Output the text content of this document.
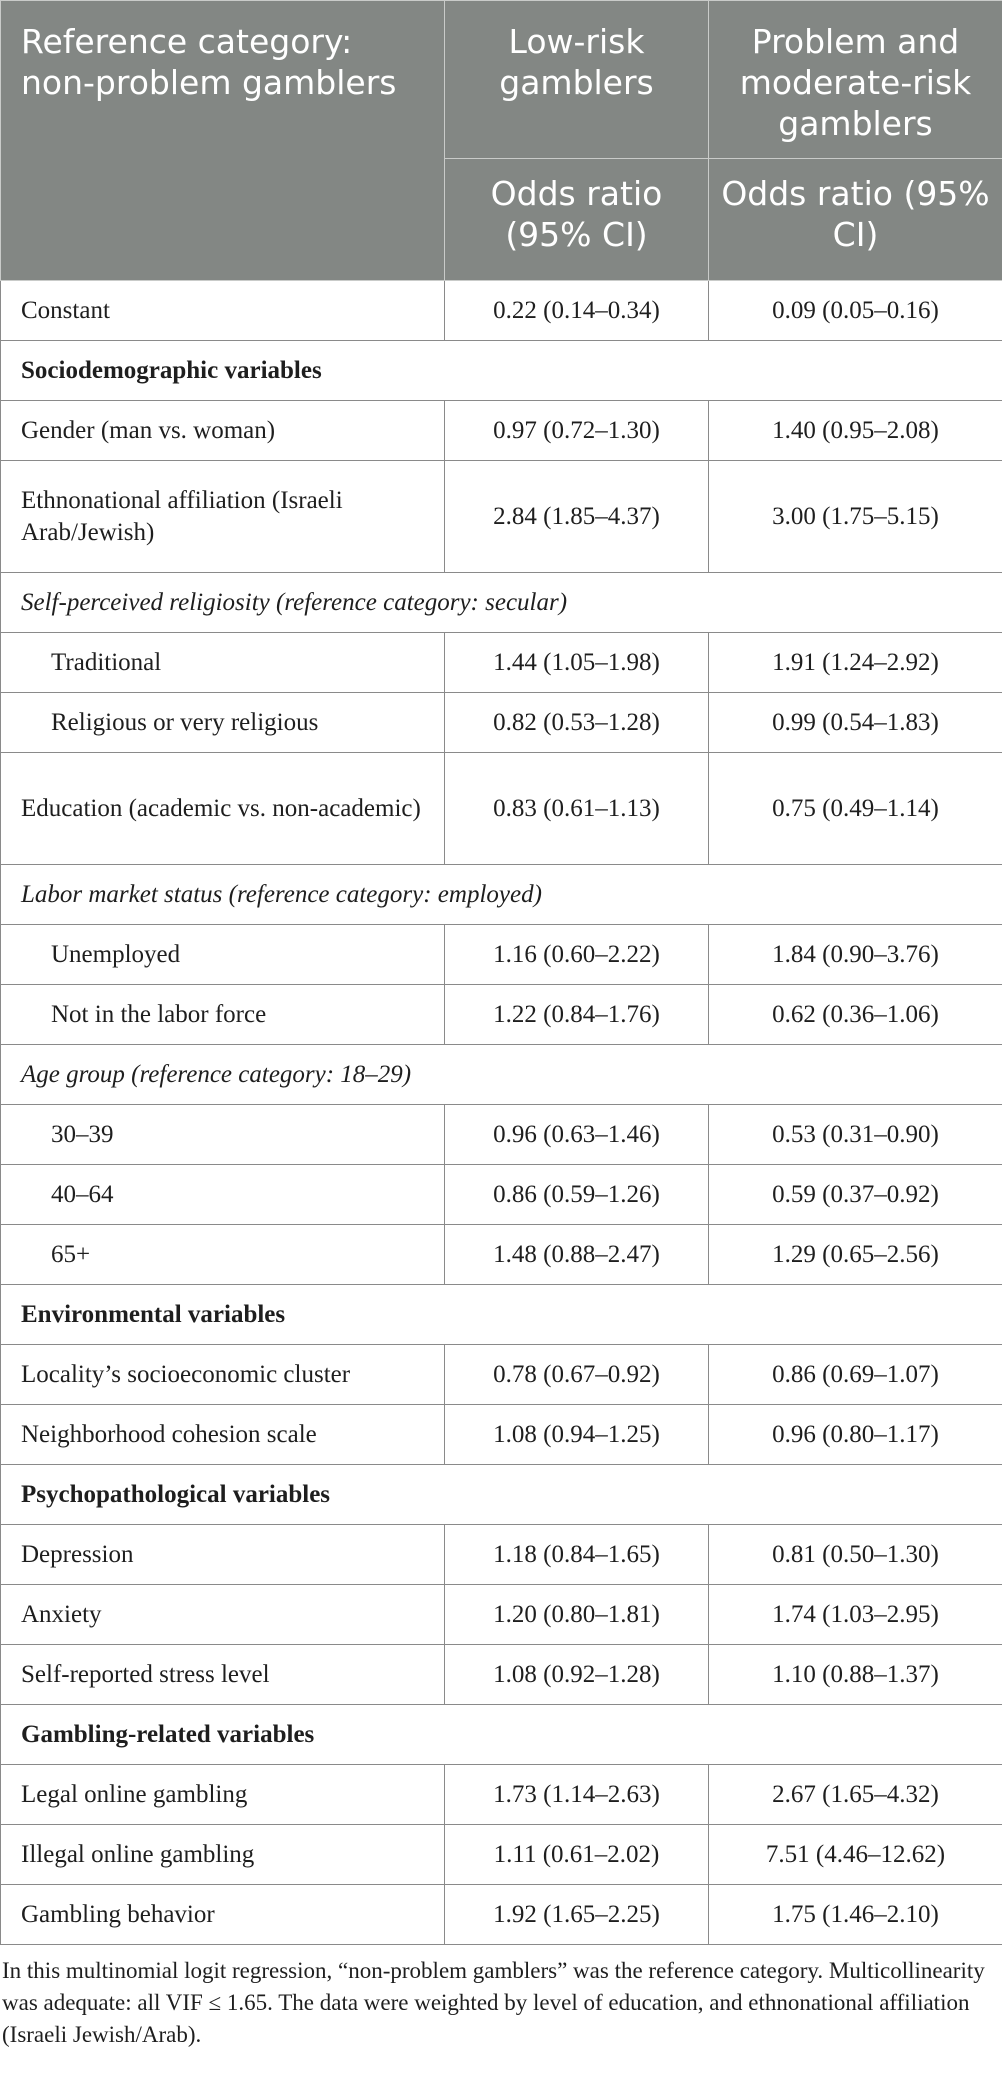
Reference category: non-problem gamblers	Low-risk gamblers	Problem and moderate-risk gamblers
	Odds ratio (95% CI)	Odds ratio (95% CI)
Constant	0.22 (0.14–0.34)	0.09 (0.05–0.16)
Sociodemographic variables		
Gender (man vs. woman)	0.97 (0.72–1.30)	1.40 (0.95–2.08)
Ethnonational affiliation (Israeli Arab/Jewish)	2.84 (1.85–4.37)	3.00 (1.75–5.15)
Self-perceived religiosity (reference category: secular)		
Traditional	1.44 (1.05–1.98)	1.91 (1.24–2.92)
Religious or very religious	0.82 (0.53–1.28)	0.99 (0.54–1.83)
Education (academic vs. non-academic)	0.83 (0.61–1.13)	0.75 (0.49–1.14)
Labor market status (reference category: employed)		
Unemployed	1.16 (0.60–2.22)	1.84 (0.90–3.76)
Not in the labor force	1.22 (0.84–1.76)	0.62 (0.36–1.06)
Age group (reference category: 18–29)		
30–39	0.96 (0.63–1.46)	0.53 (0.31–0.90)
40–64	0.86 (0.59–1.26)	0.59 (0.37–0.92)
65+	1.48 (0.88–2.47)	1.29 (0.65–2.56)
Environmental variables		
Locality’s socioeconomic cluster	0.78 (0.67–0.92)	0.86 (0.69–1.07)
Neighborhood cohesion scale	1.08 (0.94–1.25)	0.96 (0.80–1.17)
Psychopathological variables		
Depression	1.18 (0.84–1.65)	0.81 (0.50–1.30)
Anxiety	1.20 (0.80–1.81)	1.74 (1.03–2.95)
Self-reported stress level	1.08 (0.92–1.28)	1.10 (0.88–1.37)
Gambling-related variables		
Legal online gambling	1.73 (1.14–2.63)	2.67 (1.65–4.32)
Illegal online gambling	1.11 (0.61–2.02)	7.51 (4.46–12.62)
Gambling behavior	1.92 (1.65–2.25)	1.75 (1.46–2.10)
In this multinomial logit regression, “non-problem gamblers” was the reference category. Multicollinearity was adequate: all VIF ≤ 1.65. The data were weighted by level of education, and ethnonational affiliation (Israeli Jewish/Arab).
